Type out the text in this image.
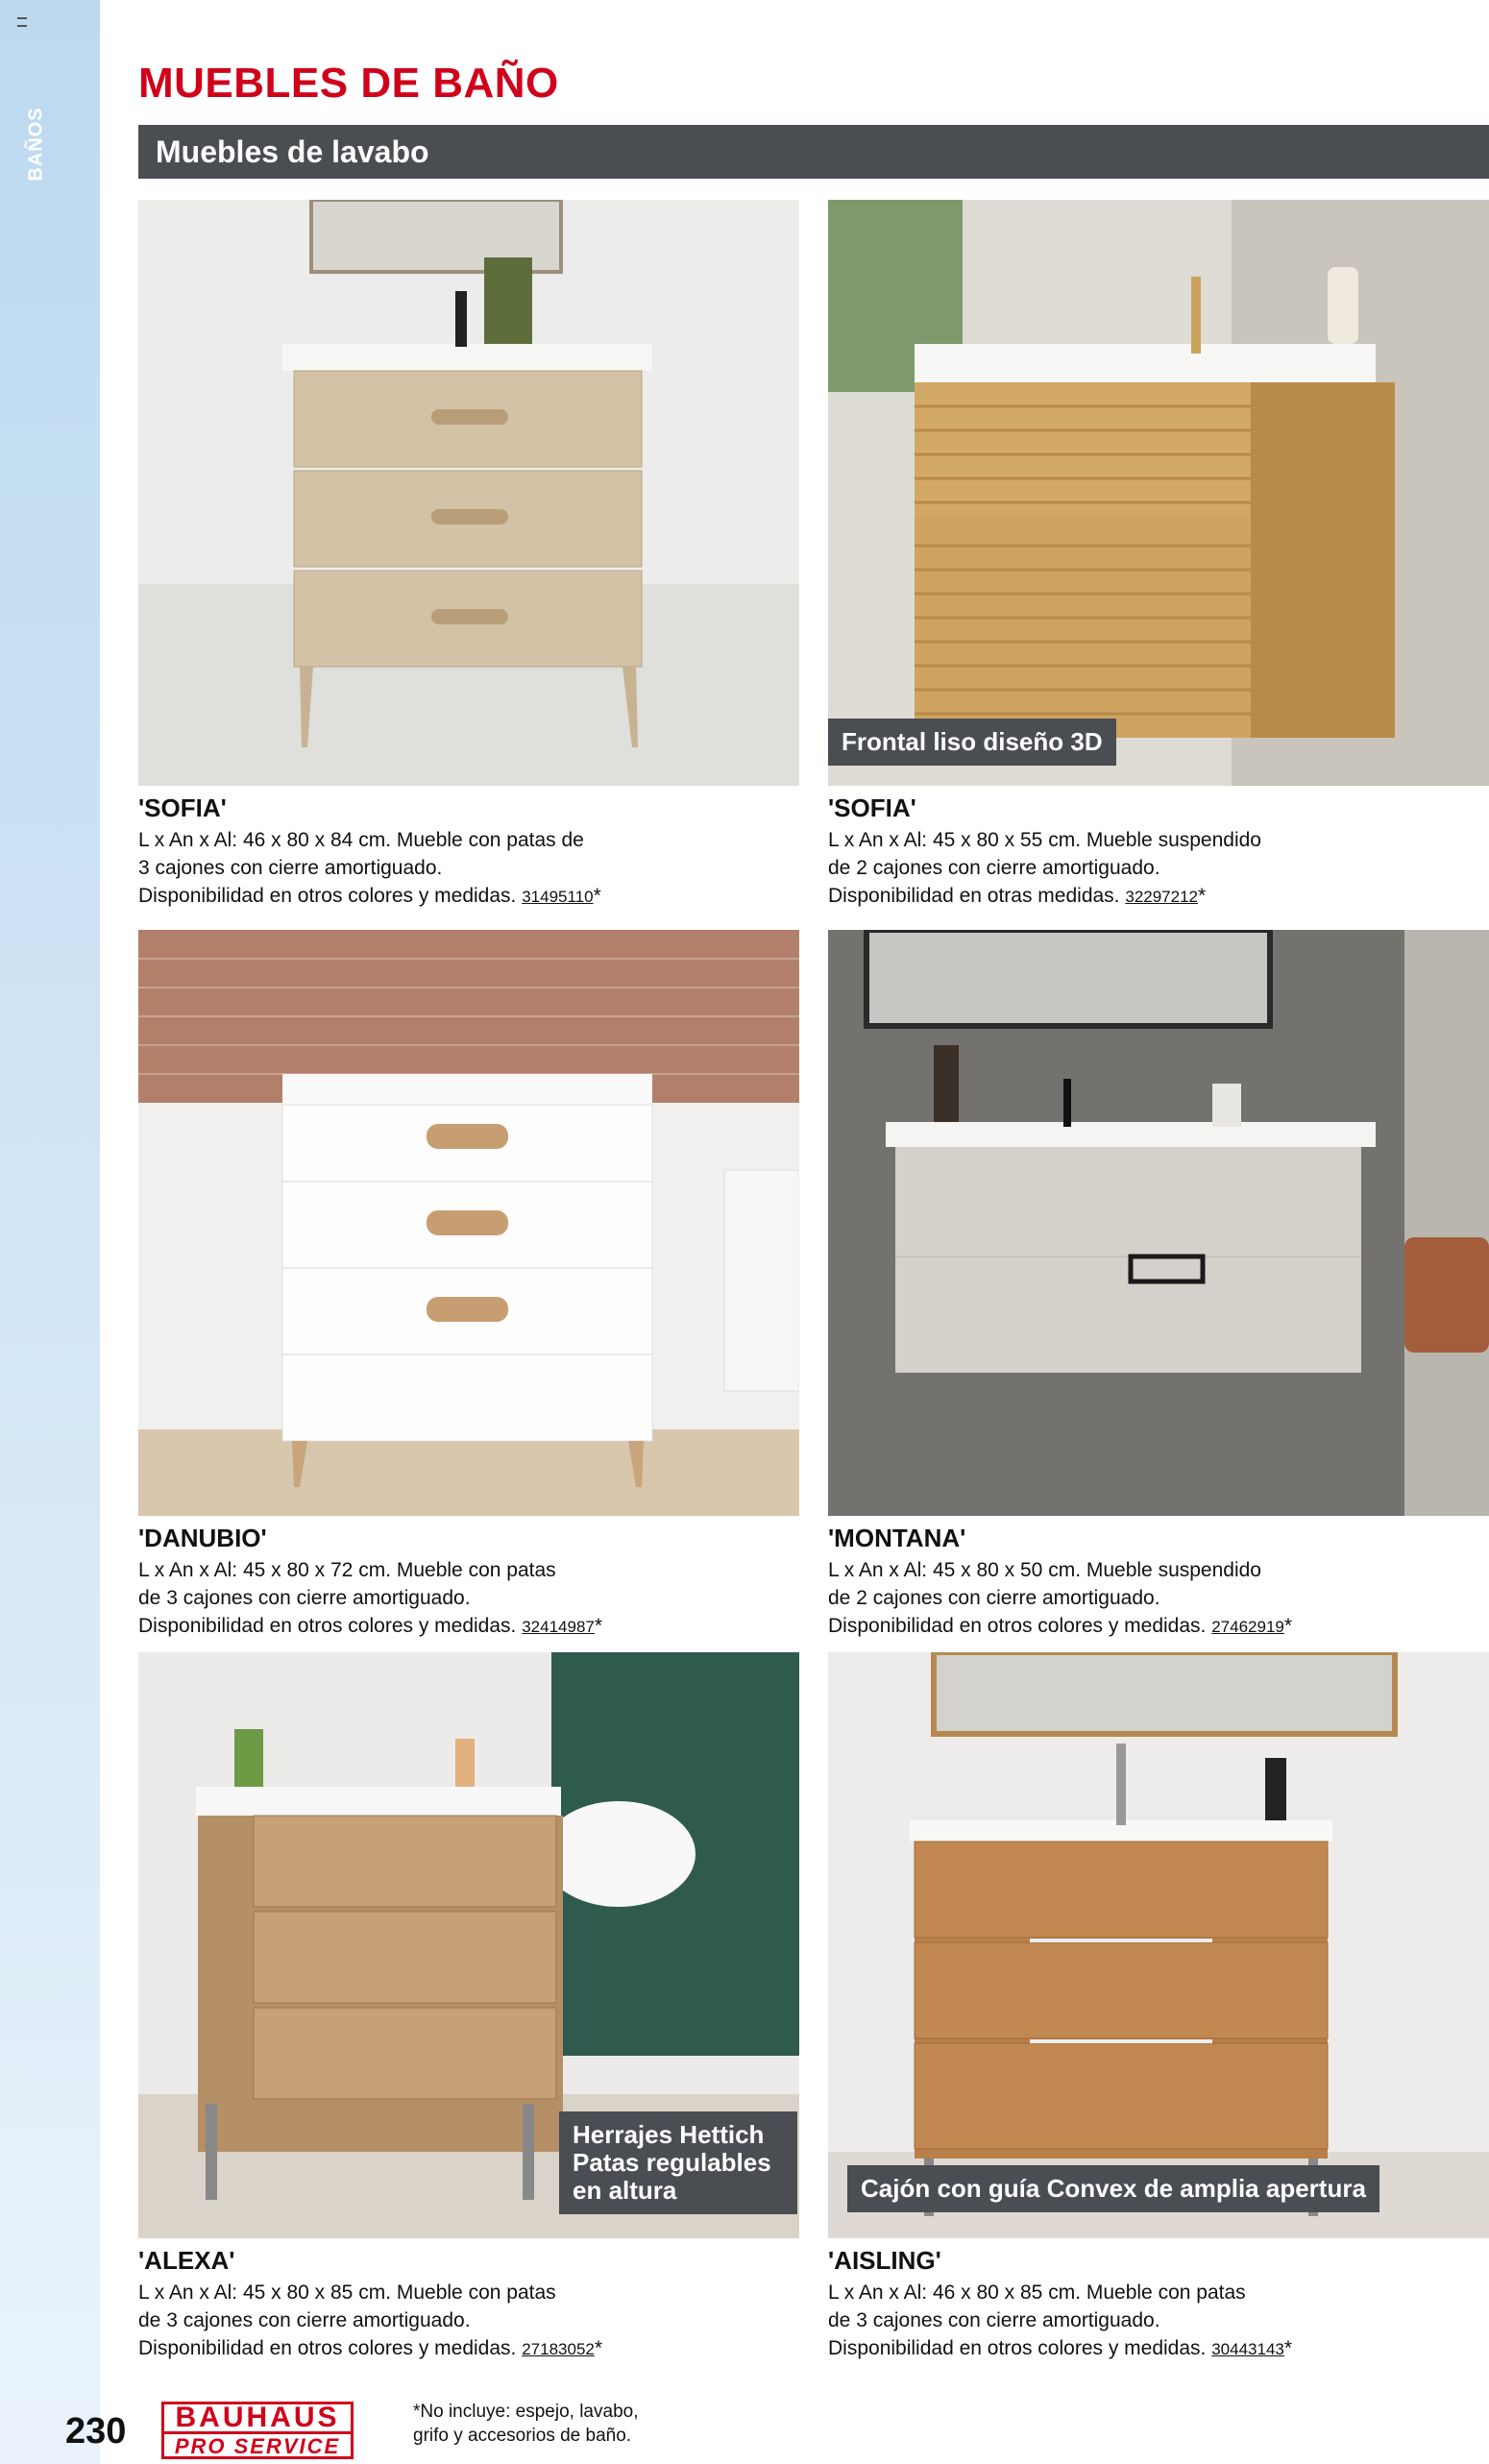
BAÑOS
MUEBLES DE BAÑO
Muebles de lavabo
'SOFIA'
L x An x Al: 46 x 80 x 84 cm. Mueble con patas de
3 cajones con cierre amortiguado.
Disponibilidad en otros colores y medidas. 31495110*
Frontal liso diseño 3D
'SOFIA'
L x An x Al: 45 x 80 x 55 cm. Mueble suspendido
de 2 cajones con cierre amortiguado.
Disponibilidad en otras medidas. 32297212*
'DANUBIO'
L x An x Al: 45 x 80 x 72 cm. Mueble con patas
de 3 cajones con cierre amortiguado.
Disponibilidad en otros colores y medidas. 32414987*
'MONTANA'
L x An x Al: 45 x 80 x 50 cm. Mueble suspendido
de 2 cajones con cierre amortiguado.
Disponibilidad en otros colores y medidas. 27462919*
Herrajes Hettich
Patas regulables
en altura
'ALEXA'
L x An x Al: 45 x 80 x 85 cm. Mueble con patas
de 3 cajones con cierre amortiguado.
Disponibilidad en otros colores y medidas. 27183052*
Cajón con guía Convex de amplia apertura
'AISLING'
L x An x Al: 46 x 80 x 85 cm. Mueble con patas
de 3 cajones con cierre amortiguado.
Disponibilidad en otros colores y medidas. 30443143*
230	BAUHAUS
PRO SERVICE
*No incluye: espejo, lavabo,
grifo y accesorios de baño.
